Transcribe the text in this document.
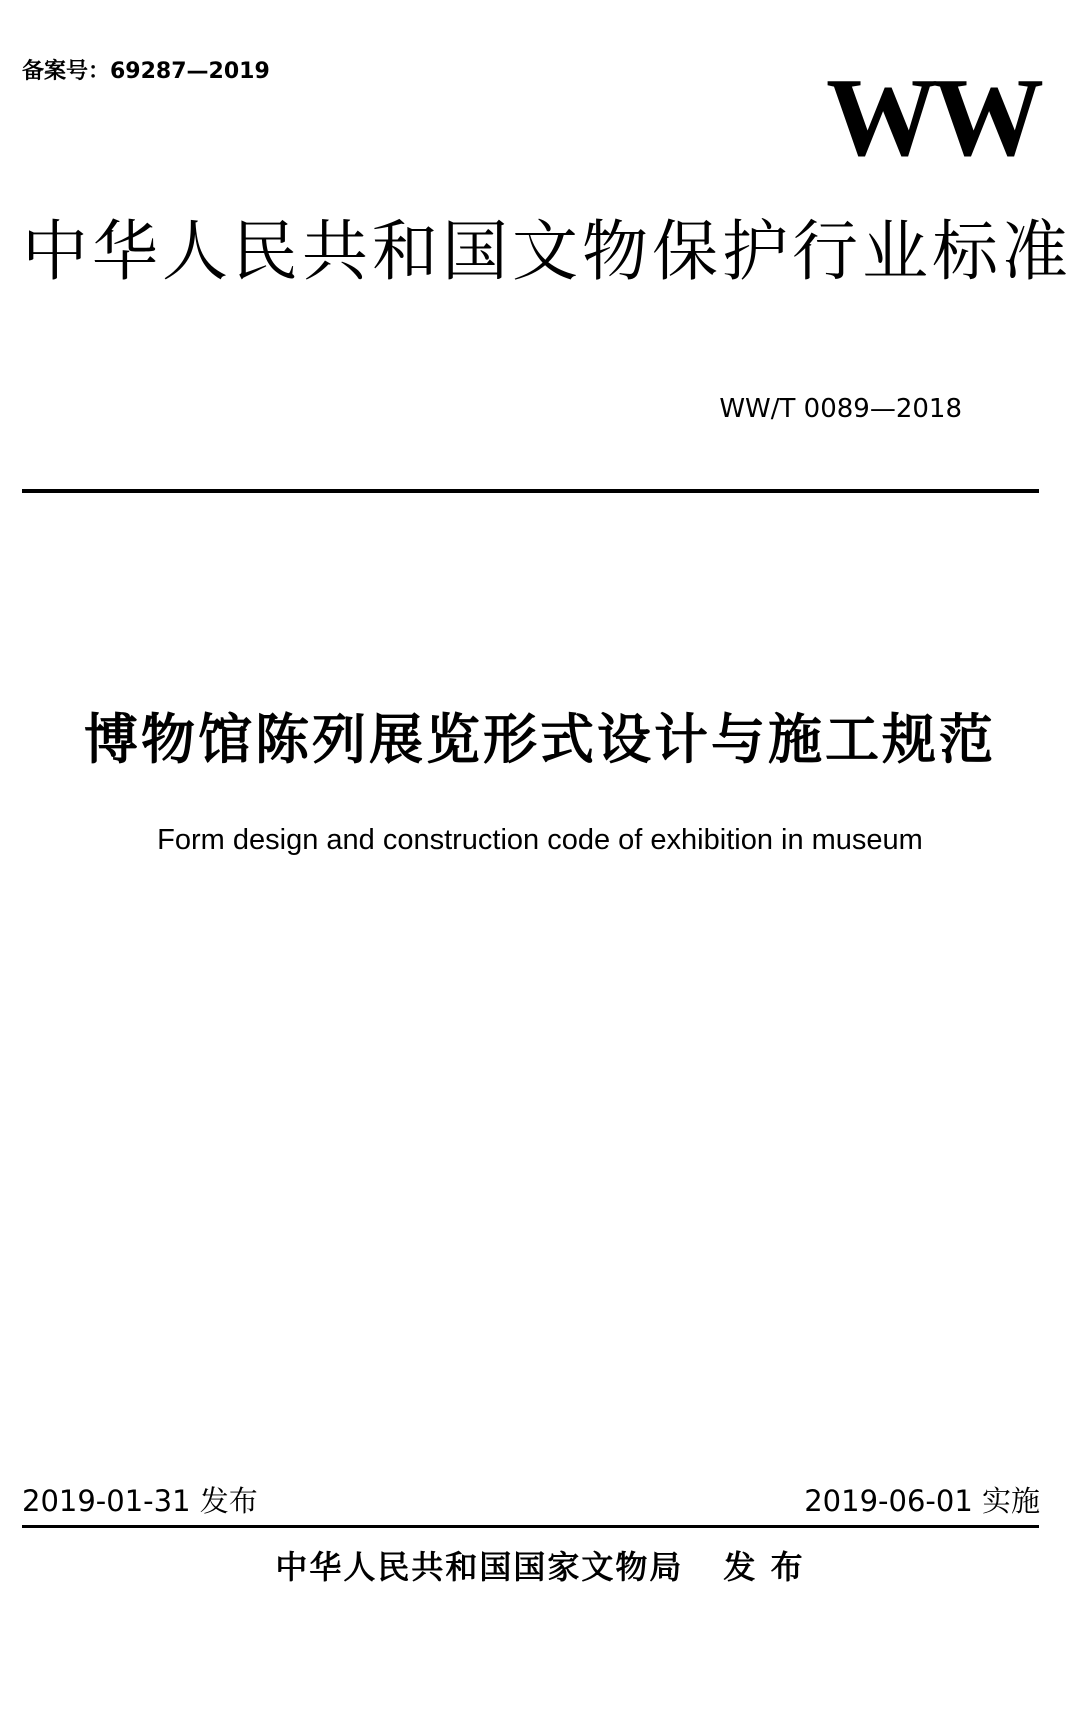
备案号：69287—2019	WW
中华人民共和国文物保护行业标准
WW/T 0089—2018
博物馆陈列展览形式设计与施工规范
Form design and construction code of exhibition in museum
2019-01-31 发布	2019-06-01 实施
中华人民共和国国家文物局 发 布
